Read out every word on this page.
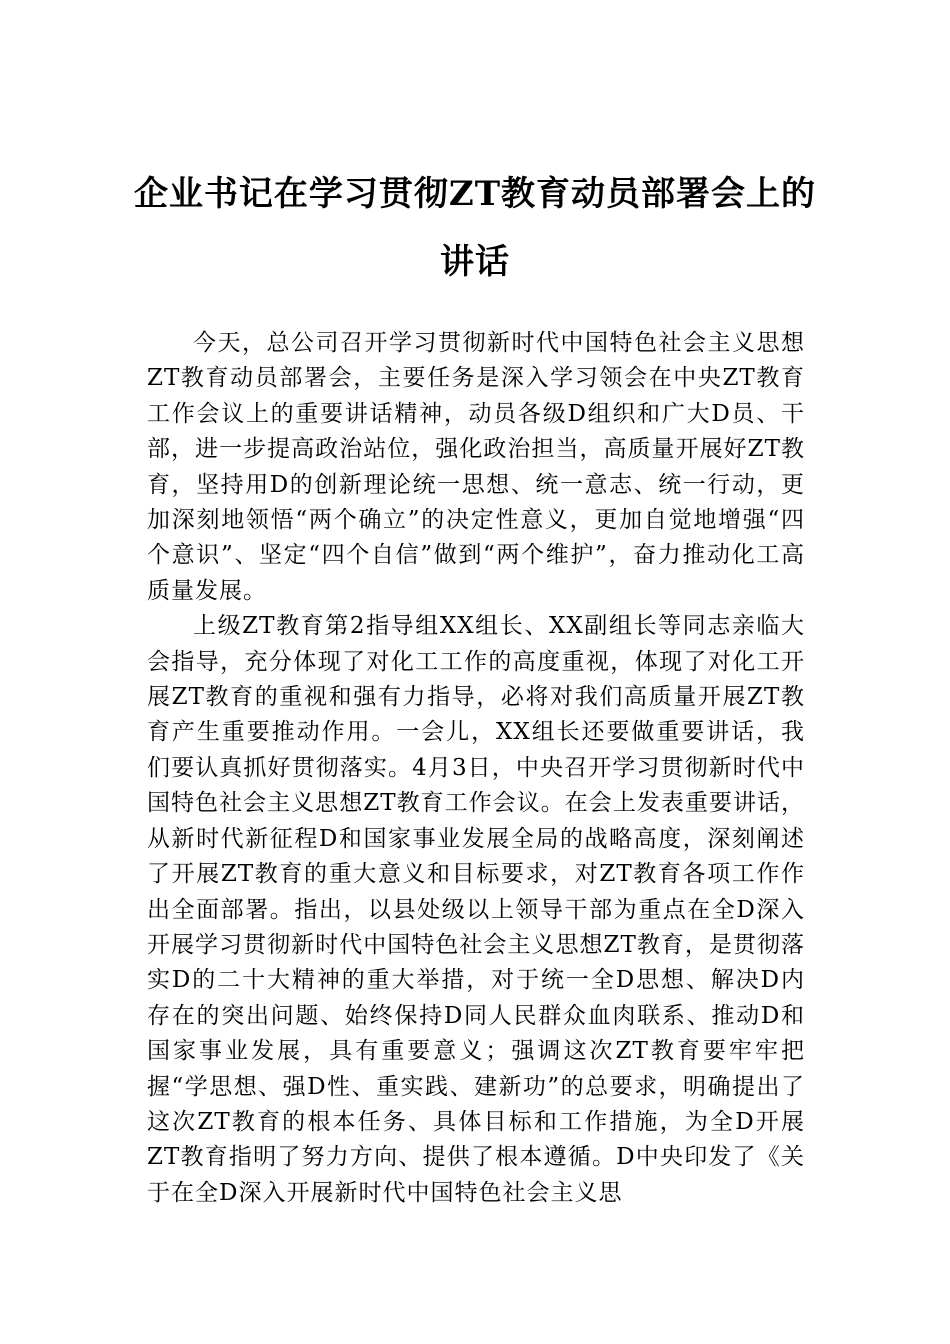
企业书记在学习贯彻ZT教育动员部署会上的讲话

今天，总公司召开学习贯彻新时代中国特色社会主义思想ZT教育动员部署会，主要任务是深入学习领会在中央ZT教育工作会议上的重要讲话精神，动员各级D组织和广大D员、干部，进一步提高政治站位，强化政治担当，高质量开展好ZT教育，坚持用D的创新理论统一思想、统一意志、统一行动，更加深刻地领悟“两个确立”的决定性意义，更加自觉地增强“四个意识”、坚定“四个自信”做到“两个维护”，奋力推动化工高质量发展。

上级ZT教育第2指导组XX组长、XX副组长等同志亲临大会指导，充分体现了对化工工作的高度重视，体现了对化工开展ZT教育的重视和强有力指导，必将对我们高质量开展ZT教育产生重要推动作用。一会儿，XX组长还要做重要讲话，我们要认真抓好贯彻落实。4月3日，中央召开学习贯彻新时代中国特色社会主义思想ZT教育工作会议。在会上发表重要讲话，从新时代新征程D和国家事业发展全局的战略高度，深刻阐述了开展ZT教育的重大意义和目标要求，对ZT教育各项工作作出全面部署。指出，以县处级以上领导干部为重点在全D深入开展学习贯彻新时代中国特色社会主义思想ZT教育，是贯彻落实D的二十大精神的重大举措，对于统一全D思想、解决D内存在的突出问题、始终保持D同人民群众血肉联系、推动D和国家事业发展，具有重要意义；强调这次ZT教育要牢牢把握“学思想、强D性、重实践、建新功”的总要求，明确提出了这次ZT教育的根本任务、具体目标和工作措施，为全D开展ZT教育指明了努力方向、提供了根本遵循。D中央印发了《关于在全D深入开展新时代中国特色社会主义思
